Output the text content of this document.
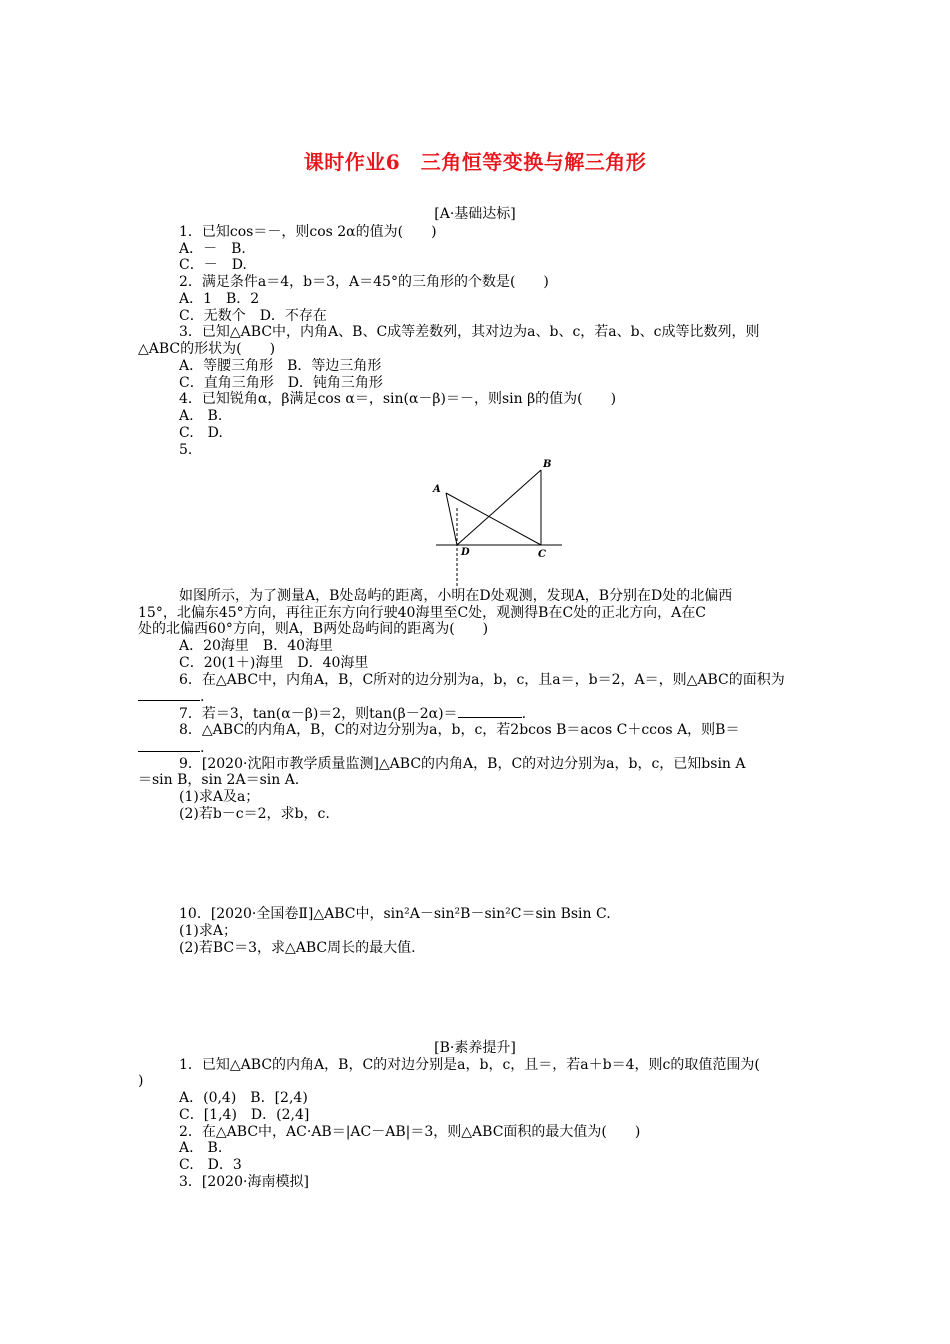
课时作业6　三角恒等变换与解三角形
[A·基础达标]
1．已知cos＝－，则cos 2α的值为(　　)
A．－　B.
C．－　D.
2．满足条件a＝4，b＝3，A＝45°的三角形的个数是(　　)
A．1　B．2
C．无数个　D．不存在
3．已知△ABC中，内角A、B、C成等差数列，其对边为a、b、c，若a、b、c成等比数列，则
△ABC的形状为(　　)
A．等腰三角形　B．等边三角形
C．直角三角形　D．钝角三角形
4．已知锐角α，β满足cos α＝，sin(α－β)＝－，则sin β的值为(　　)
A.　B.
C.　D.
5.
A
B
D	C
如图所示，为了测量A，B处岛屿的距离，小明在D处观测，发现A，B分别在D处的北偏西
15°，北偏东45°方向，再往正东方向行驶40海里至C处，观测得B在C处的正北方向，A在C
处的北偏西60°方向，则A，B两处岛屿间的距离为(　　)
A．20海里　B．40海里
C．20(1＋)海里　D．40海里
6．在△ABC中，内角A，B，C所对的边分别为a，b，c，且a＝，b＝2，A＝，则△ABC的面积为
.
7．若＝3，tan(α－β)＝2，则tan(β－2α)＝	.
8．△ABC的内角A，B，C的对边分别为a，b，c，若2bcos B＝acos C＋ccos A，则B＝
.
9．[2020·沈阳市教学质量监测]△ABC的内角A，B，C的对边分别为a，b，c，已知bsin A
＝sin B，sin 2A＝sin A.
(1)求A及a；
(2)若b－c＝2，求b，c.
10．[2020·全国卷Ⅱ]△ABC中，sin²A－sin²B－sin²C＝sin Bsin C.
(1)求A；
(2)若BC＝3，求△ABC周长的最大值.
[B·素养提升]
1．已知△ABC的内角A，B，C的对边分别是a，b，c，且＝，若a＋b＝4，则c的取值范围为(
)
A．(0,4)　B．[2,4)
C．[1,4)　D．(2,4]
2．在△ABC中，AC·AB＝|AC－AB|＝3，则△ABC面积的最大值为(　　)
A.　B.
C.　D．3
3．[2020·海南模拟]
